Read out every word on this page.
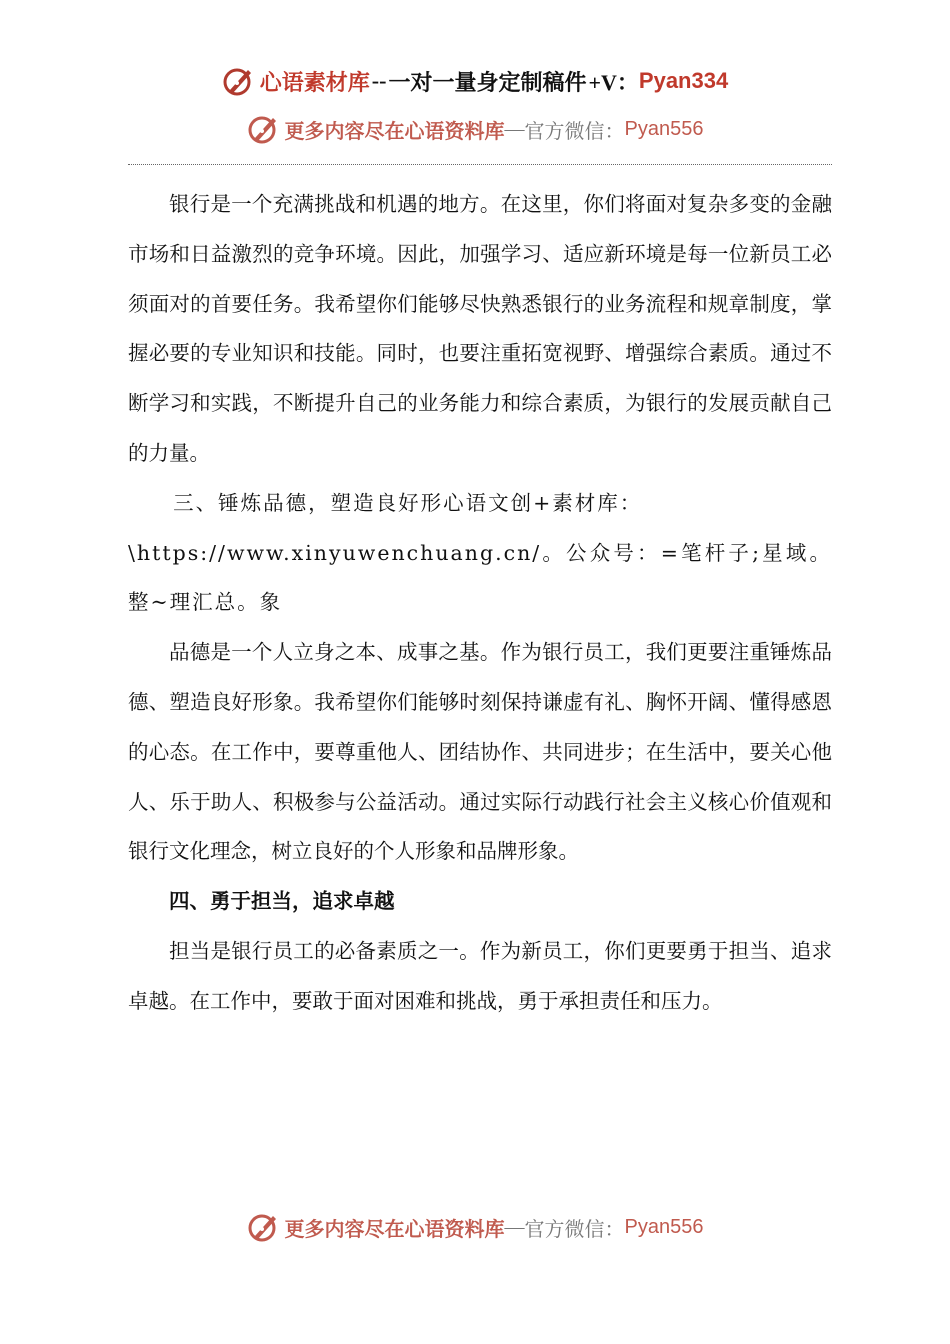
心语素材库 -- 一对一量身定制稿件 +V： Pyan334
更多内容尽在心语资料库 — 官方微信： Pyan556

银行是一个充满挑战和机遇的地方。在这里，你们将面对复杂多变的金融市场和日益激烈的竞争环境。因此，加强学习、适应新环境是每一位新员工必须面对的首要任务。我希望你们能够尽快熟悉银行的业务流程和规章制度，掌握必要的专业知识和技能。同时，也要注重拓宽视野、增强综合素质。通过不断学习和实践，不断提升自己的业务能力和综合素质，为银行的发展贡献自己的力量。

三、锤炼品德，塑造良好形心语文创+素材库：

\https://www.xinyuwenchuang.cn/。公众号：=笔杆子;星域。整~理汇总。象

品德是一个人立身之本、成事之基。作为银行员工，我们更要注重锤炼品德、塑造良好形象。我希望你们能够时刻保持谦虚有礼、胸怀开阔、懂得感恩的心态。在工作中，要尊重他人、团结协作、共同进步；在生活中，要关心他人、乐于助人、积极参与公益活动。通过实际行动践行社会主义核心价值观和银行文化理念，树立良好的个人形象和品牌形象。

四、勇于担当，追求卓越

担当是银行员工的必备素质之一。作为新员工，你们更要勇于担当、追求卓越。在工作中，要敢于面对困难和挑战，勇于承担责任和压力。

更多内容尽在心语资料库 — 官方微信： Pyan556
